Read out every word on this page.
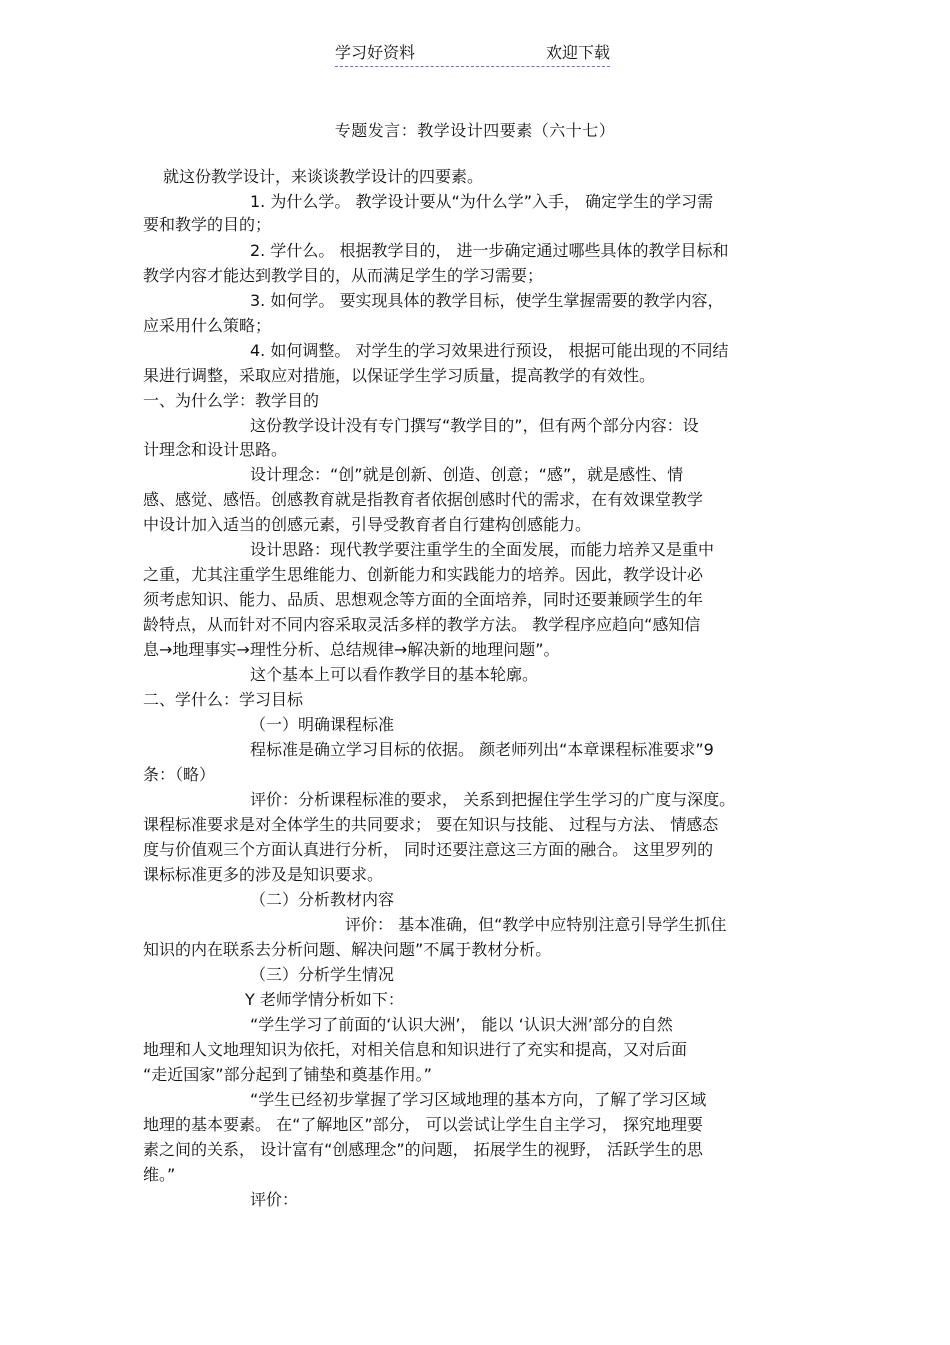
学习好资料	欢迎下载
专题发言：教学设计四要素（六十七）
就这份教学设计，来谈谈教学设计的四要素。
1. 为什么学。 教学设计要从“为什么学”入手， 确定学生的学习需
要和教学的目的；
2. 学什么。 根据教学目的， 进一步确定通过哪些具体的教学目标和
教学内容才能达到教学目的，从而满足学生的学习需要；
3. 如何学。 要实现具体的教学目标，使学生掌握需要的教学内容，
应采用什么策略；
4. 如何调整。 对学生的学习效果进行预设， 根据可能出现的不同结
果进行调整，采取应对措施，以保证学生学习质量，提高教学的有效性。
一、为什么学：教学目的
这份教学设计没有专门撰写“教学目的”，但有两个部分内容：设
计理念和设计思路。
设计理念：“创”就是创新、创造、创意；“感”，就是感性、情
感、感觉、感悟。创感教育就是指教育者依据创感时代的需求，在有效课堂教学
中设计加入适当的创感元素，引导受教育者自行建构创感能力。
设计思路：现代教学要注重学生的全面发展，而能力培养又是重中
之重，尤其注重学生思维能力、创新能力和实践能力的培养。因此，教学设计必
须考虑知识、能力、品质、思想观念等方面的全面培养，同时还要兼顾学生的年
龄特点，从而针对不同内容采取灵活多样的教学方法。 教学程序应趋向“感知信
息→地理事实→理性分析、总结规律→解决新的地理问题”。
这个基本上可以看作教学目的基本轮廓。
二、学什么：学习目标
（一）明确课程标准
程标准是确立学习目标的依据。 颜老师列出“本章课程标准要求”9
条：（略）
评价：分析课程标准的要求， 关系到把握住学生学习的广度与深度。
课程标准要求是对全体学生的共同要求； 要在知识与技能、 过程与方法、 情感态
度与价值观三个方面认真进行分析， 同时还要注意这三方面的融合。 这里罗列的
课标标准更多的涉及是知识要求。
（二）分析教材内容
评价： 基本准确，但“教学中应特别注意引导学生抓住
知识的内在联系去分析问题、解决问题”不属于教材分析。
（三）分析学生情况
Y 老师学情分析如下：
“学生学习了前面的‘认识大洲’， 能以 ‘认识大洲’部分的自然
地理和人文地理知识为依托，对相关信息和知识进行了充实和提高，又对后面
“走近国家”部分起到了铺垫和奠基作用。”
“学生已经初步掌握了学习区域地理的基本方向，了解了学习区域
地理的基本要素。 在“了解地区”部分， 可以尝试让学生自主学习， 探究地理要
素之间的关系， 设计富有“创感理念”的问题， 拓展学生的视野， 活跃学生的思
维。”
评价：
